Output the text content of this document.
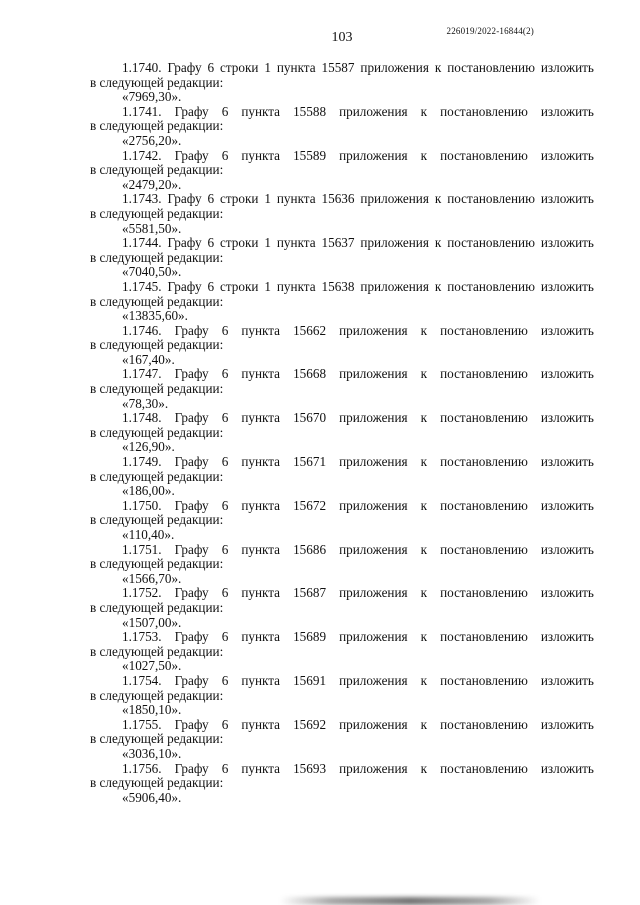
226019/2022-16844(2)
103
1.1740. Графу 6 строки 1 пункта 15587 приложения к постановлению изложить
в следующей редакции:
«7969,30».
1.1741. Графу 6 пункта 15588 приложения к постановлению изложить
в следующей редакции:
«2756,20».
1.1742. Графу 6 пункта 15589 приложения к постановлению изложить
в следующей редакции:
«2479,20».
1.1743. Графу 6 строки 1 пункта 15636 приложения к постановлению изложить
в следующей редакции:
«5581,50».
1.1744. Графу 6 строки 1 пункта 15637 приложения к постановлению изложить
в следующей редакции:
«7040,50».
1.1745. Графу 6 строки 1 пункта 15638 приложения к постановлению изложить
в следующей редакции:
«13835,60».
1.1746. Графу 6 пункта 15662 приложения к постановлению изложить
в следующей редакции:
«167,40».
1.1747. Графу 6 пункта 15668 приложения к постановлению изложить
в следующей редакции:
«78,30».
1.1748. Графу 6 пункта 15670 приложения к постановлению изложить
в следующей редакции:
«126,90».
1.1749. Графу 6 пункта 15671 приложения к постановлению изложить
в следующей редакции:
«186,00».
1.1750. Графу 6 пункта 15672 приложения к постановлению изложить
в следующей редакции:
«110,40».
1.1751. Графу 6 пункта 15686 приложения к постановлению изложить
в следующей редакции:
«1566,70».
1.1752. Графу 6 пункта 15687 приложения к постановлению изложить
в следующей редакции:
«1507,00».
1.1753. Графу 6 пункта 15689 приложения к постановлению изложить
в следующей редакции:
«1027,50».
1.1754. Графу 6 пункта 15691 приложения к постановлению изложить
в следующей редакции:
«1850,10».
1.1755. Графу 6 пункта 15692 приложения к постановлению изложить
в следующей редакции:
«3036,10».
1.1756. Графу 6 пункта 15693 приложения к постановлению изложить
в следующей редакции:
«5906,40».
